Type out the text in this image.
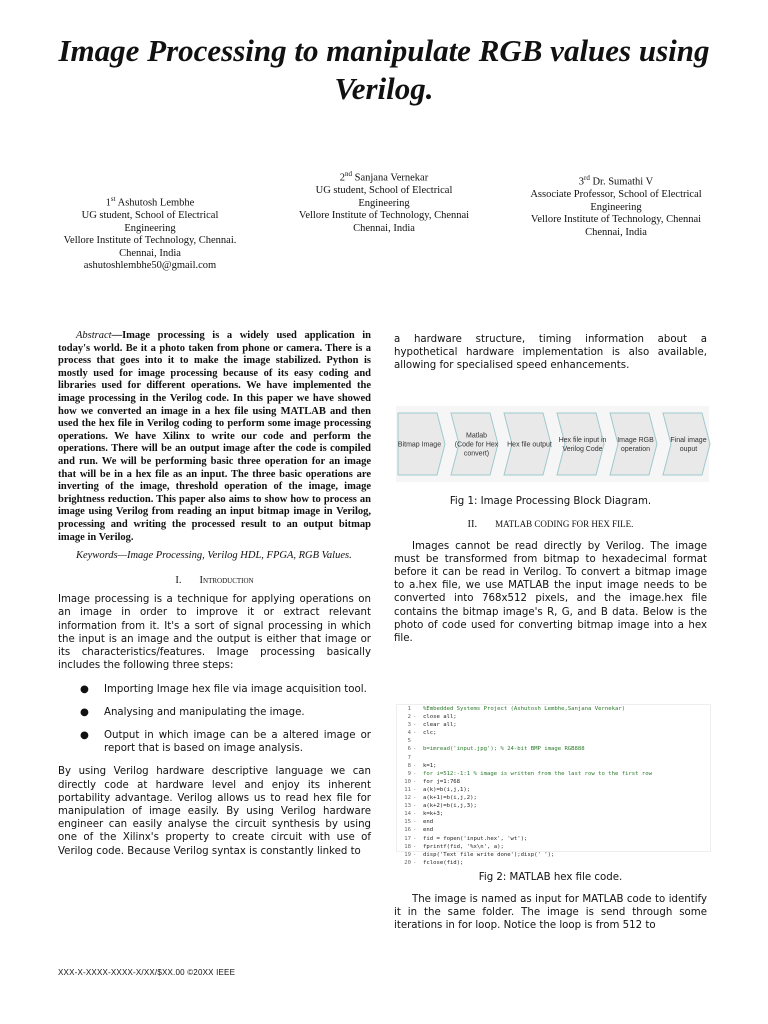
Image Processing to manipulate RGB values using Verilog.
1st Ashutosh Lembhe
UG student, School of Electrical Engineering
Vellore Institute of Technology, Chennai.
Chennai, India
ashutoshlembhe50@gmail.com
2nd Sanjana Vernekar
UG student, School of Electrical Engineering
Vellore Institute of Technology, Chennai
Chennai, India
3rd Dr. Sumathi V
Associate Professor, School of Electrical Engineering
Vellore Institute of Technology, Chennai
Chennai, India

Abstract—Image processing is a widely used application in today's world. Be it a photo taken from phone or camera. There is a process that goes into it to make the image stabilized. Python is mostly used for image processing because of its easy coding and libraries used for different operations. We have implemented the image processing in the Verilog code. In this paper we have showed how we converted an image in a hex file using MATLAB and then used the hex file in Verilog coding to perform some image processing operations. We have Xilinx to write our code and perform the operations. There will be an output image after the code is compiled and run. We will be performing basic three operation for an image that will be in a hex file as an input. The three basic operations are inverting of the image, threshold operation of the image, image brightness reduction. This paper also aims to show how to process an image using Verilog from reading an input bitmap image in Verilog, processing and writing the processed result to an output bitmap image in Verilog.

Keywords—Image Processing, Verilog HDL, FPGA, RGB Values.

I. Introduction

Image processing is a technique for applying operations on an image in order to improve it or extract relevant information from it. It's a sort of signal processing in which the input is an image and the output is either that image or its characteristics/features. Image processing basically includes the following three steps:

● Importing Image hex file via image acquisition tool.
● Analysing and manipulating the image.
● Output in which image can be a altered image or report that is based on image analysis.

By using Verilog hardware descriptive language we can directly code at hardware level and enjoy its inherent portability advantage. Verilog allows us to read hex file for manipulation of image easily. By using Verilog hardware engineer can easily analyse the circuit synthesis by using one of the Xilinx's property to create circuit with use of Verilog code. Because Verilog syntax is constantly linked to

a hardware structure, timing information about a hypothetical hardware implementation is also available, allowing for specialised speed enhancements.

Bitmap Image
Matlab
(Code for Hex
convert)
Hex file output
Hex file input in
Verilog Code
Image RGB
operation
Final image
ouput
Fig 1: Image Processing Block Diagram.
II. MATLAB CODING FOR HEX FILE.

Images cannot be read directly by Verilog. The image must be transformed from bitmap to hexadecimal format before it can be read in Verilog. To convert a bitmap image to a.hex file, we use MATLAB the input image needs to be converted into 768x512 pixels, and the image.hex file contains the bitmap image's R, G, and B data. Below is the photo of code used for converting bitmap image into a hex file.

1	%Embedded Systems Project (Ashutosh Lembhe,Sanjana Vernekar)
2 -	close all;
3 -	clear all;
4 -	clc;
5
6 -	b=imread('input.jpg'); % 24-bit BMP image RGB888
7
8 -	k=1;
9 -	for i=512:-1:1 % image is written from the last row to the first row
10 -	for j=1:768
11 -	a(k)=b(i,j,1);
12 -	a(k+1)=b(i,j,2);
13 -	a(k+2)=b(i,j,3);
14 -	k=k+3;
15 -	end
16 -	end
17 -	fid = fopen('input.hex', 'wt');
18 -	fprintf(fid, '%x\n', a);
19 -	disp('Text file write done');disp(' ');
20 -	fclose(fid);
Fig 2: MATLAB hex file code.

The image is named as input for MATLAB code to identify it in the same folder. The image is send through some iterations in for loop. Notice the loop is from 512 to

XXX-X-XXXX-XXXX-X/XX/$XX.00 ©20XX IEEE
